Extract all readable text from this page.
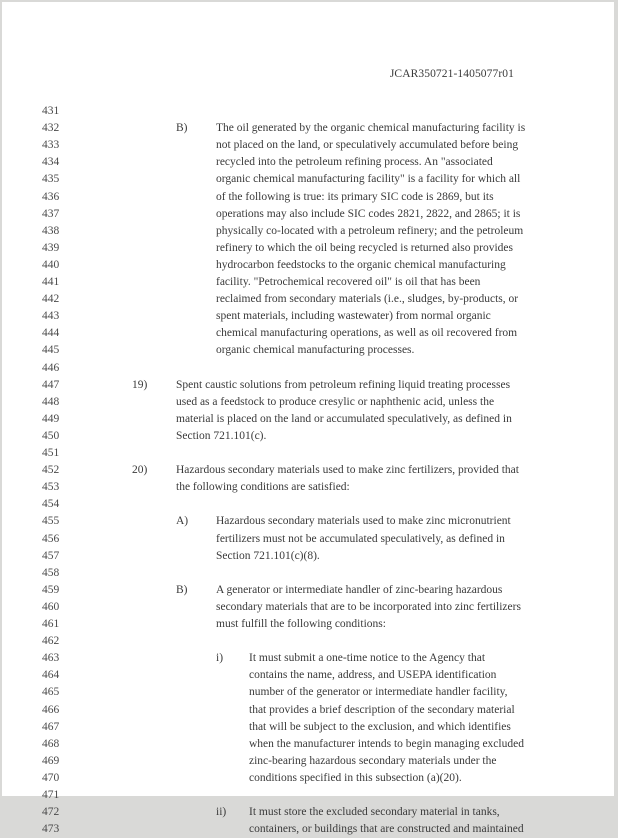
JCAR350721-1405077r01
431
432	B) The oil generated by the organic chemical manufacturing facility is
433	not placed on the land, or speculatively accumulated before being
434	recycled into the petroleum refining process. An "associated
435	organic chemical manufacturing facility" is a facility for which all
436	of the following is true: its primary SIC code is 2869, but its
437	operations may also include SIC codes 2821, 2822, and 2865; it is
438	physically co-located with a petroleum refinery; and the petroleum
439	refinery to which the oil being recycled is returned also provides
440	hydrocarbon feedstocks to the organic chemical manufacturing
441	facility. "Petrochemical recovered oil" is oil that has been
442	reclaimed from secondary materials (i.e., sludges, by-products, or
443	spent materials, including wastewater) from normal organic
444	chemical manufacturing operations, as well as oil recovered from
445	organic chemical manufacturing processes.
446
447	19) Spent caustic solutions from petroleum refining liquid treating processes
448	used as a feedstock to produce cresylic or naphthenic acid, unless the
449	material is placed on the land or accumulated speculatively, as defined in
450	Section 721.101(c).
451
452	20) Hazardous secondary materials used to make zinc fertilizers, provided that
453	the following conditions are satisfied:
454
455	A) Hazardous secondary materials used to make zinc micronutrient
456	fertilizers must not be accumulated speculatively, as defined in
457	Section 721.101(c)(8).
458
459	B) A generator or intermediate handler of zinc-bearing hazardous
460	secondary materials that are to be incorporated into zinc fertilizers
461	must fulfill the following conditions:
462
463	i) It must submit a one-time notice to the Agency that
464	contains the name, address, and USEPA identification
465	number of the generator or intermediate handler facility,
466	that provides a brief description of the secondary material
467	that will be subject to the exclusion, and which identifies
468	when the manufacturer intends to begin managing excluded
469	zinc-bearing hazardous secondary materials under the
470	conditions specified in this subsection (a)(20).
471
472	ii) It must store the excluded secondary material in tanks,
473	containers, or buildings that are constructed and maintained
